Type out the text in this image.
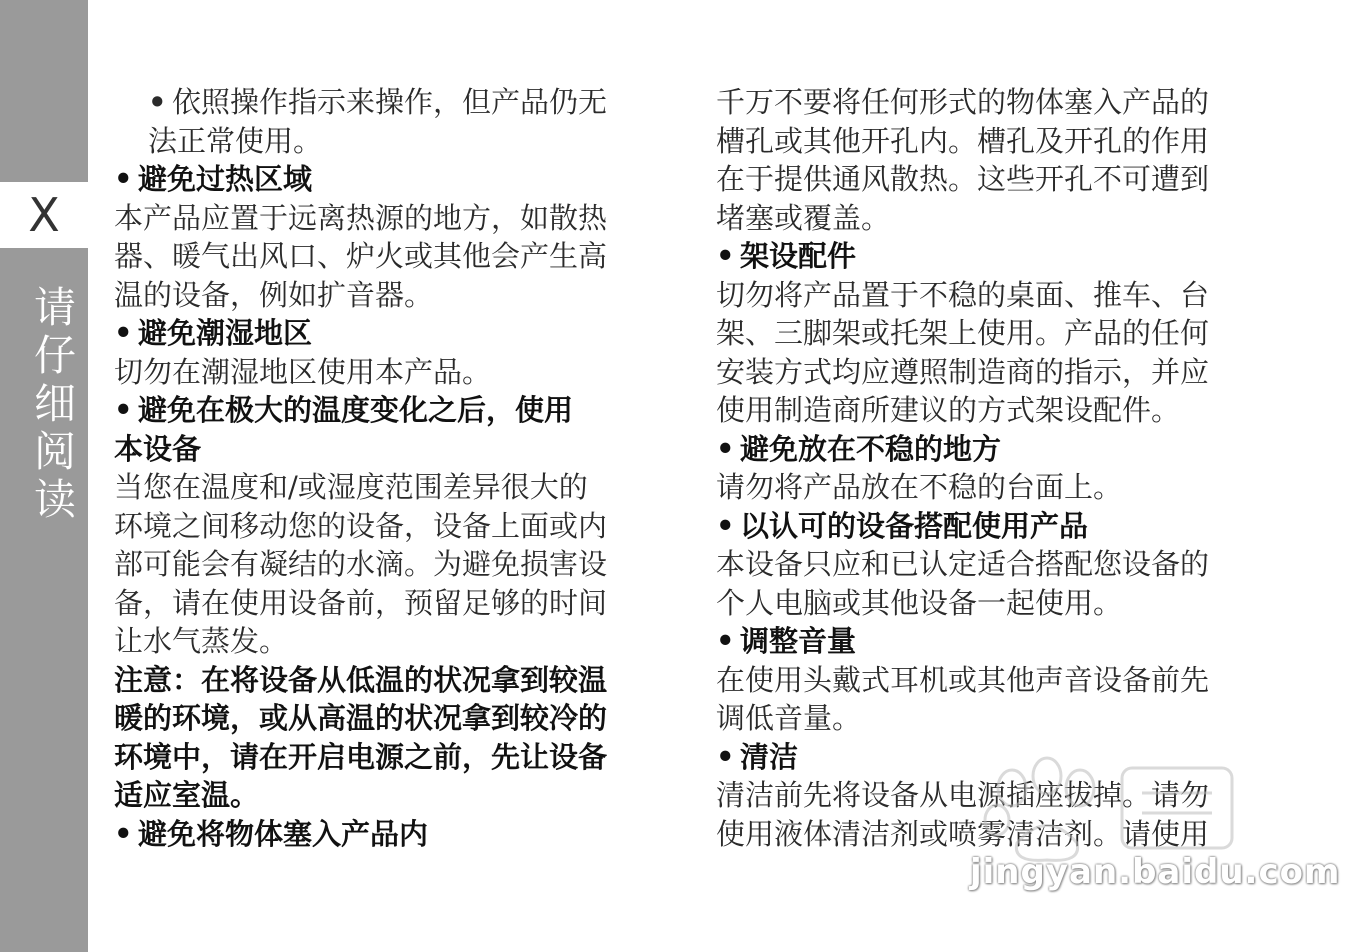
X
请仔细阅读
• 依照操作指示来操作，但产品仍无
法正常使用。
• 避免过热区域
本产品应置于远离热源的地方，如散热
器、暖气出风口、炉火或其他会产生高
温的设备，例如扩音器。
• 避免潮湿地区
切勿在潮湿地区使用本产品。
• 避免在极大的温度变化之后，使用
本设备
当您在温度和/或湿度范围差异很大的
环境之间移动您的设备，设备上面或内
部可能会有凝结的水滴。为避免损害设
备，请在使用设备前，预留足够的时间
让水气蒸发。
注意：在将设备从低温的状况拿到较温
暖的环境，或从高温的状况拿到较冷的
环境中，请在开启电源之前，先让设备
适应室温。
• 避免将物体塞入产品内
千万不要将任何形式的物体塞入产品的
槽孔或其他开孔内。槽孔及开孔的作用
在于提供通风散热。这些开孔不可遭到
堵塞或覆盖。
• 架设配件
切勿将产品置于不稳的桌面、推车、台
架、三脚架或托架上使用。产品的任何
安装方式均应遵照制造商的指示，并应
使用制造商所建议的方式架设配件。
• 避免放在不稳的地方
请勿将产品放在不稳的台面上。
• 以认可的设备搭配使用产品
本设备只应和已认定适合搭配您设备的
个人电脑或其他设备一起使用。
• 调整音量
在使用头戴式耳机或其他声音设备前先
调低音量。
• 清洁
清洁前先将设备从电源插座拔掉。请勿
使用液体清洁剂或喷雾清洁剂。请使用
jingyan.baidu.com
